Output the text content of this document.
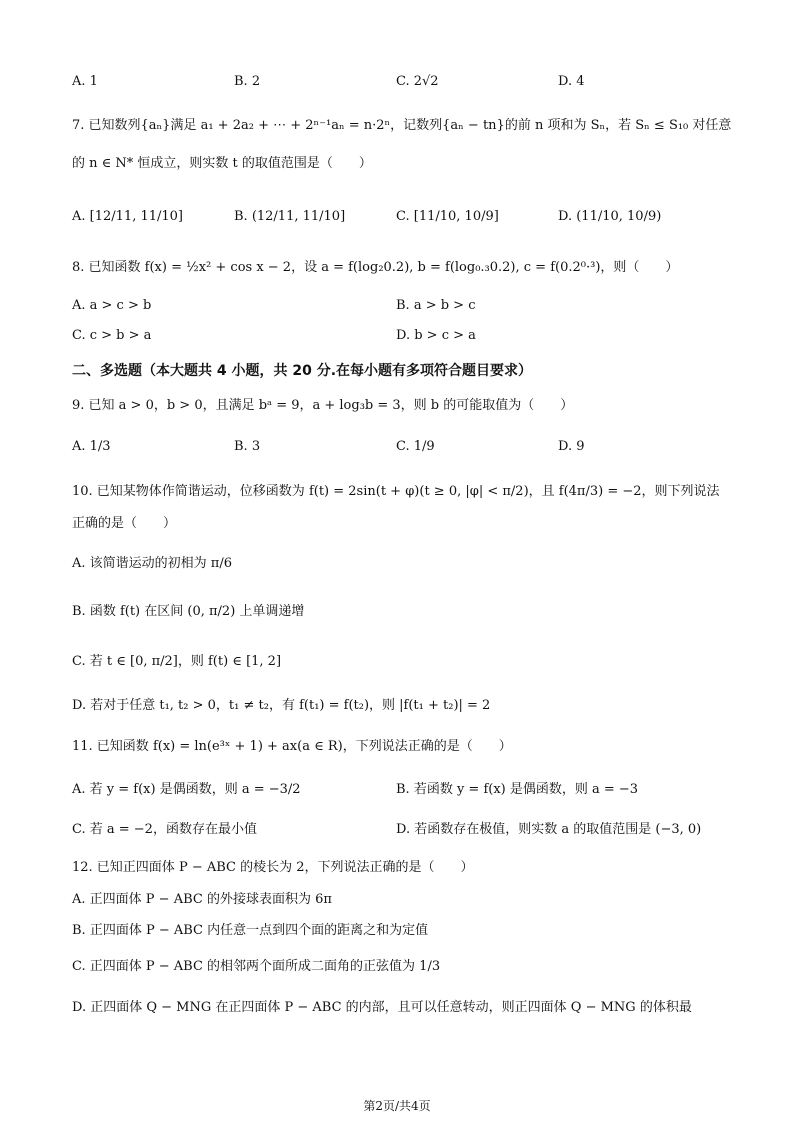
A. 1	B. 2	C. 2√2	D. 4
7. 已知数列{aₙ}满足 a₁ + 2a₂ + ⋯ + 2ⁿ⁻¹aₙ = n·2ⁿ，记数列{aₙ − tn}的前 n 项和为 Sₙ，若 Sₙ ≤ S₁₀ 对任意
的 n ∈ N* 恒成立，则实数 t 的取值范围是（　　）
A. [12/11, 11/10]	B. (12/11, 11/10]	C. [11/10, 10/9]	D. (11/10, 10/9)
8. 已知函数 f(x) = ½x² + cos x − 2，设 a = f(log₂0.2), b = f(log₀.₃0.2), c = f(0.2⁰·³)，则（　　）
A. a > c > b	B. a > b > c
C. c > b > a	D. b > c > a
二、多选题（本大题共 4 小题，共 20 分.在每小题有多项符合题目要求）
9. 已知 a > 0，b > 0，且满足 bᵃ = 9，a + log₃b = 3，则 b 的可能取值为（　　）
A. 1/3	B. 3	C. 1/9	D. 9
10. 已知某物体作简谐运动，位移函数为 f(t) = 2sin(t + φ)(t ≥ 0, |φ| < π/2)，且 f(4π/3) = −2，则下列说法
正确的是（　　）
A. 该简谐运动的初相为 π/6
B. 函数 f(t) 在区间 (0, π/2) 上单调递增
C. 若 t ∈ [0, π/2]，则 f(t) ∈ [1, 2]
D. 若对于任意 t₁, t₂ > 0，t₁ ≠ t₂，有 f(t₁) = f(t₂)，则 |f(t₁ + t₂)| = 2
11. 已知函数 f(x) = ln(e³ˣ + 1) + ax(a ∈ R)，下列说法正确的是（　　）
A. 若 y = f(x) 是偶函数，则 a = −3/2	B. 若函数 y = f(x) 是偶函数，则 a = −3
C. 若 a = −2，函数存在最小值	D. 若函数存在极值，则实数 a 的取值范围是 (−3, 0)
12. 已知正四面体 P − ABC 的棱长为 2，下列说法正确的是（　　）
A. 正四面体 P − ABC 的外接球表面积为 6π
B. 正四面体 P − ABC 内任意一点到四个面的距离之和为定值
C. 正四面体 P − ABC 的相邻两个面所成二面角的正弦值为 1/3
D. 正四面体 Q − MNG 在正四面体 P − ABC 的内部，且可以任意转动，则正四面体 Q − MNG 的体积最
第2页/共4页
